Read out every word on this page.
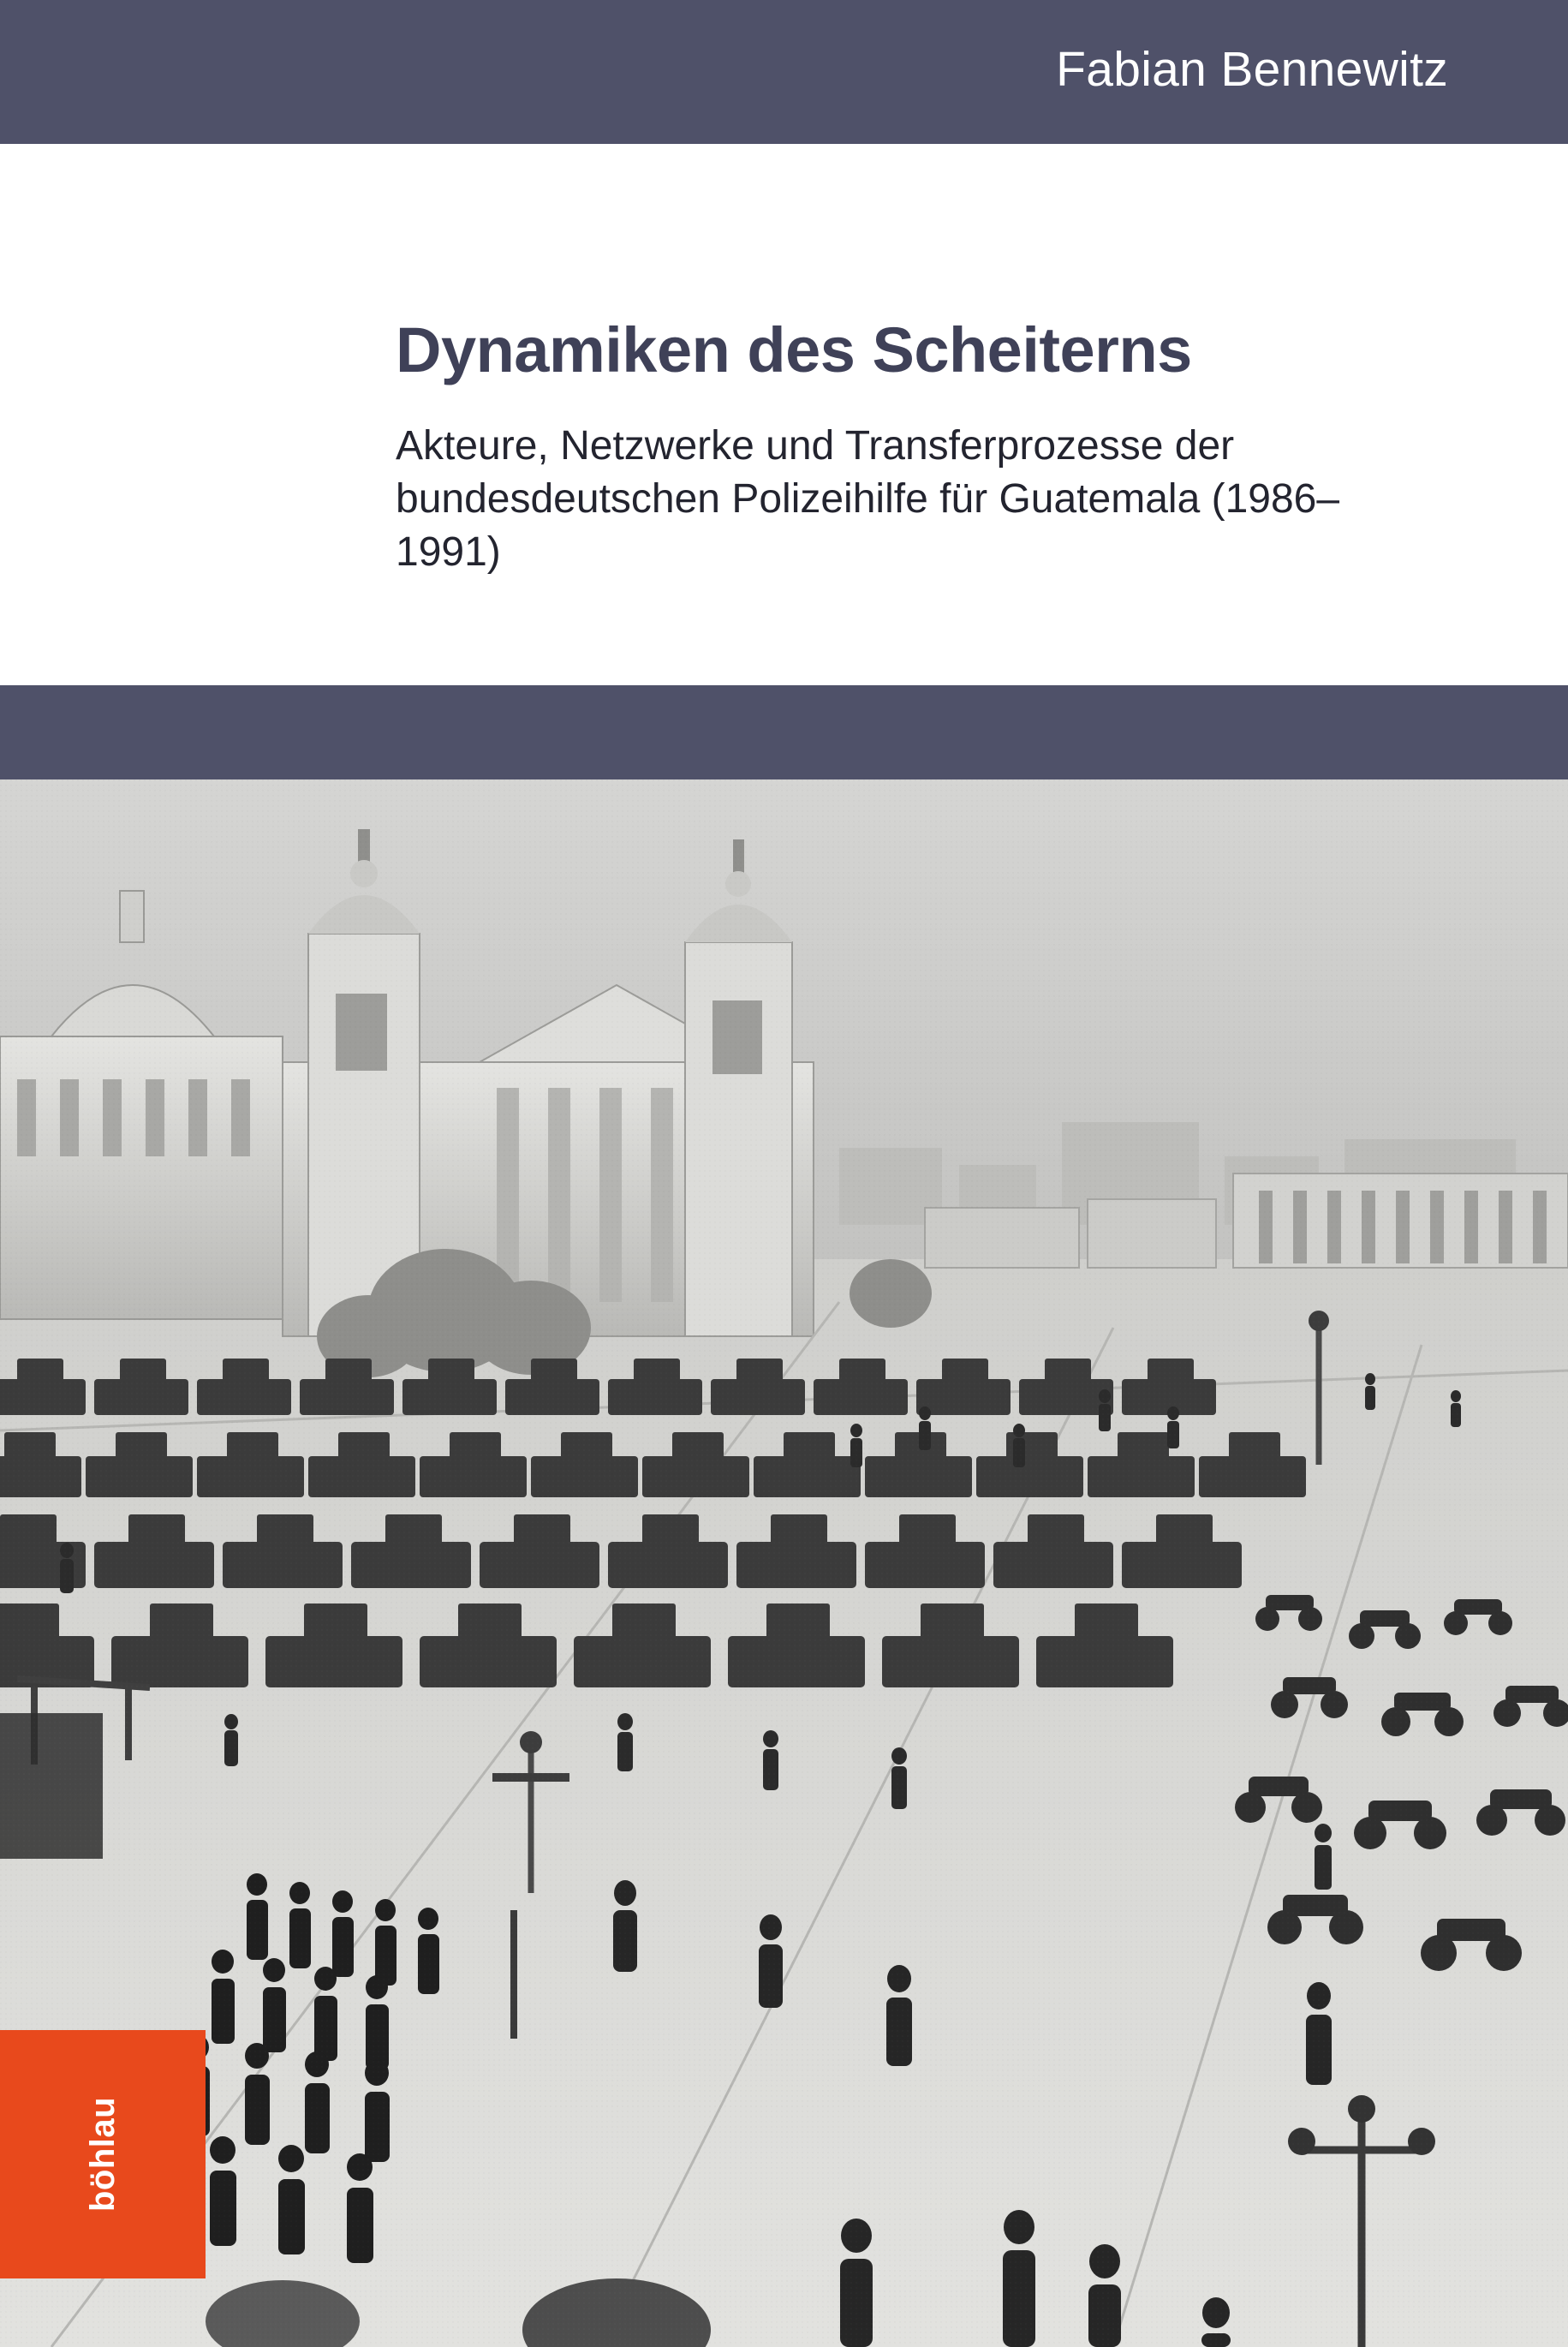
Fabian Bennewitz
Dynamiken des Scheiterns
Akteure, Netzwerke und Transferprozesse der bundesdeutschen Polizeihilfe für Guatemala (1986–1991)
böhlau
